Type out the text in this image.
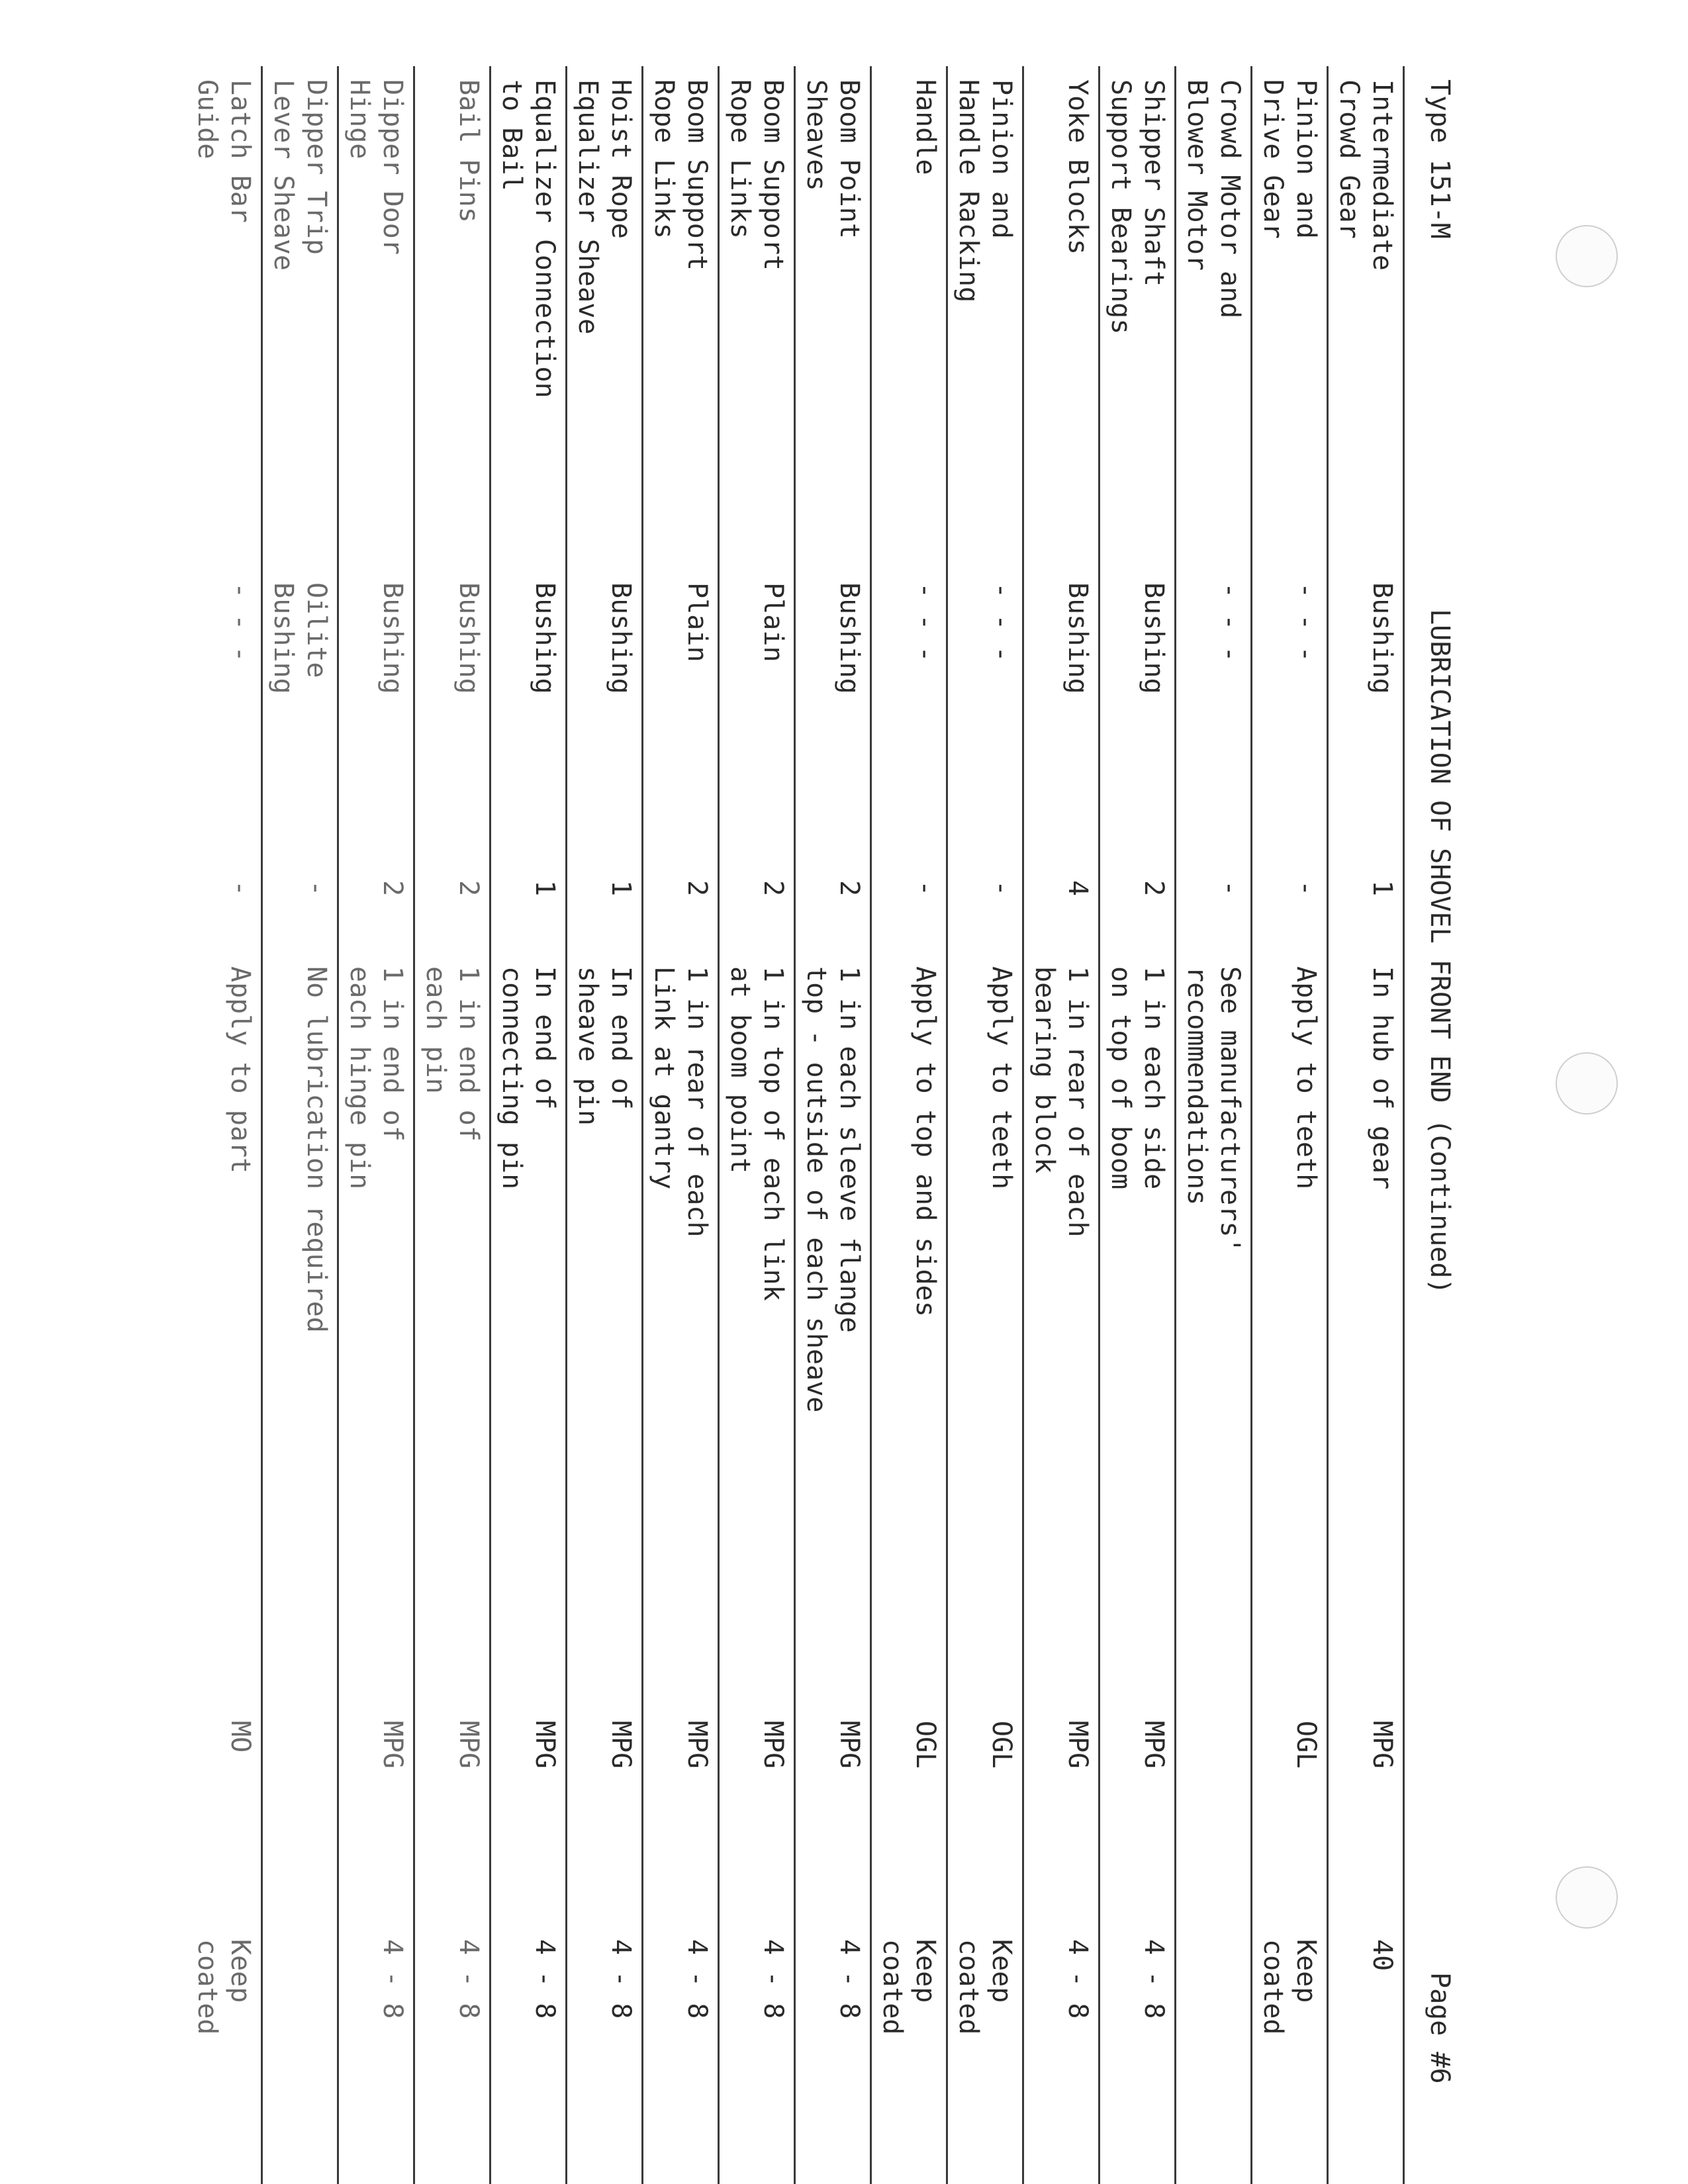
Type 151-M
LUBRICATION OF SHOVEL FRONT END (Continued)
Page #6
Intermediate
Crowd Gear
Bushing
1
In hub of gear
MPG
40
Pinion and
Drive Gear
- - -
-
Apply to teeth
OGL
Keep
coated
Crowd Motor and
Blower Motor
- - -
-
See manufacturers'
recommendations
Shipper Shaft
Support Bearings
Bushing
2
1 in each side
on top of boom
MPG
4 - 8
Yoke Blocks
Bushing
4
1 in rear of each
bearing block
MPG
4 - 8
Pinion and
Handle Racking
- - -
-
Apply to teeth
OGL
Keep
coated
Handle
- - -
-
Apply to top and sides
OGL
Keep
coated
Boom Point
Sheaves
Bushing
2
1 in each sleeve flange
top - outside of each sheave
MPG
4 - 8
Boom Support
Rope Links
Plain
2
1 in top of each link
at boom point
MPG
4 - 8
Boom Support
Rope Links
Plain
2
1 in rear of each
Link at gantry
MPG
4 - 8
Hoist Rope
Equalizer Sheave
Bushing
1
In end of
sheave pin
MPG
4 - 8
Equalizer Connection
to Bail
Bushing
1
In end of
connecting pin
MPG
4 - 8
Bail Pins
Bushing
2
1 in end of
each pin
MPG
4 - 8
Dipper Door
Hinge
Bushing
2
1 in end of
each hinge pin
MPG
4 - 8
Dipper Trip
Lever Sheave
Oilite
Bushing
-
No lubrication required
Latch Bar
Guide
- - -
-
Apply to part
MO
Keep
coated
